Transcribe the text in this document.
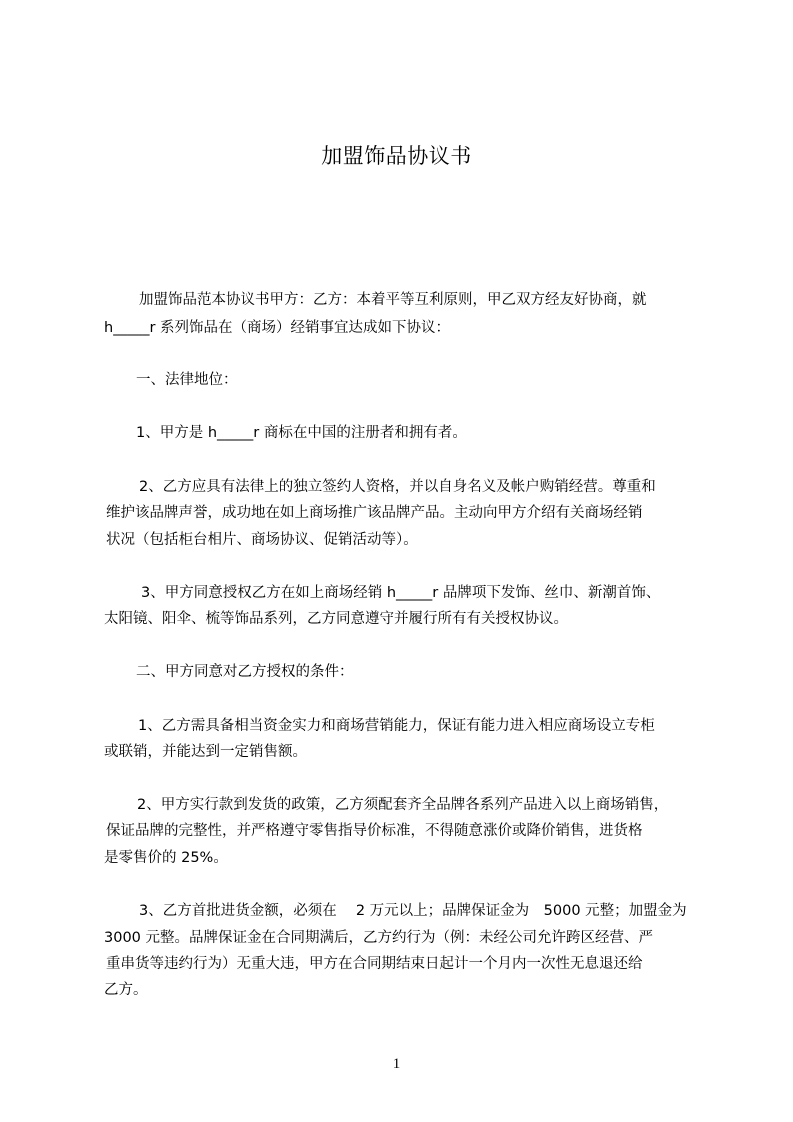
加盟饰品协议书
加盟饰品范本协议书甲方：乙方：本着平等互利原则，甲乙双方经友好协商，就
h_____r 系列饰品在（商场）经销事宜达成如下协议：
一、法律地位：
1、甲方是 h_____r 商标在中国的注册者和拥有者。
2、乙方应具有法律上的独立签约人资格，并以自身名义及帐户购销经营。尊重和
维护该品牌声誉，成功地在如上商场推广该品牌产品。主动向甲方介绍有关商场经销
状况（包括柜台相片、商场协议、促销活动等）。
3、甲方同意授权乙方在如上商场经销 h_____r 品牌项下发饰、丝巾、新潮首饰、
太阳镜、阳伞、梳等饰品系列，乙方同意遵守并履行所有有关授权协议。
二、甲方同意对乙方授权的条件：
1、乙方需具备相当资金实力和商场营销能力，保证有能力进入相应商场设立专柜
或联销，并能达到一定销售额。
2、甲方实行款到发货的政策，乙方须配套齐全品牌各系列产品进入以上商场销售，
保证品牌的完整性，并严格遵守零售指导价标准，不得随意涨价或降价销售，进货格
是零售价的 25%。
3、乙方首批进货金额，必须在　 2 万元以上；品牌保证金为　5000 元整；加盟金为
3000 元整。品牌保证金在合同期满后，乙方约行为（例：未经公司允许跨区经营、严
重串货等违约行为）无重大违，甲方在合同期结束日起计一个月内一次性无息退还给
乙方。
1
